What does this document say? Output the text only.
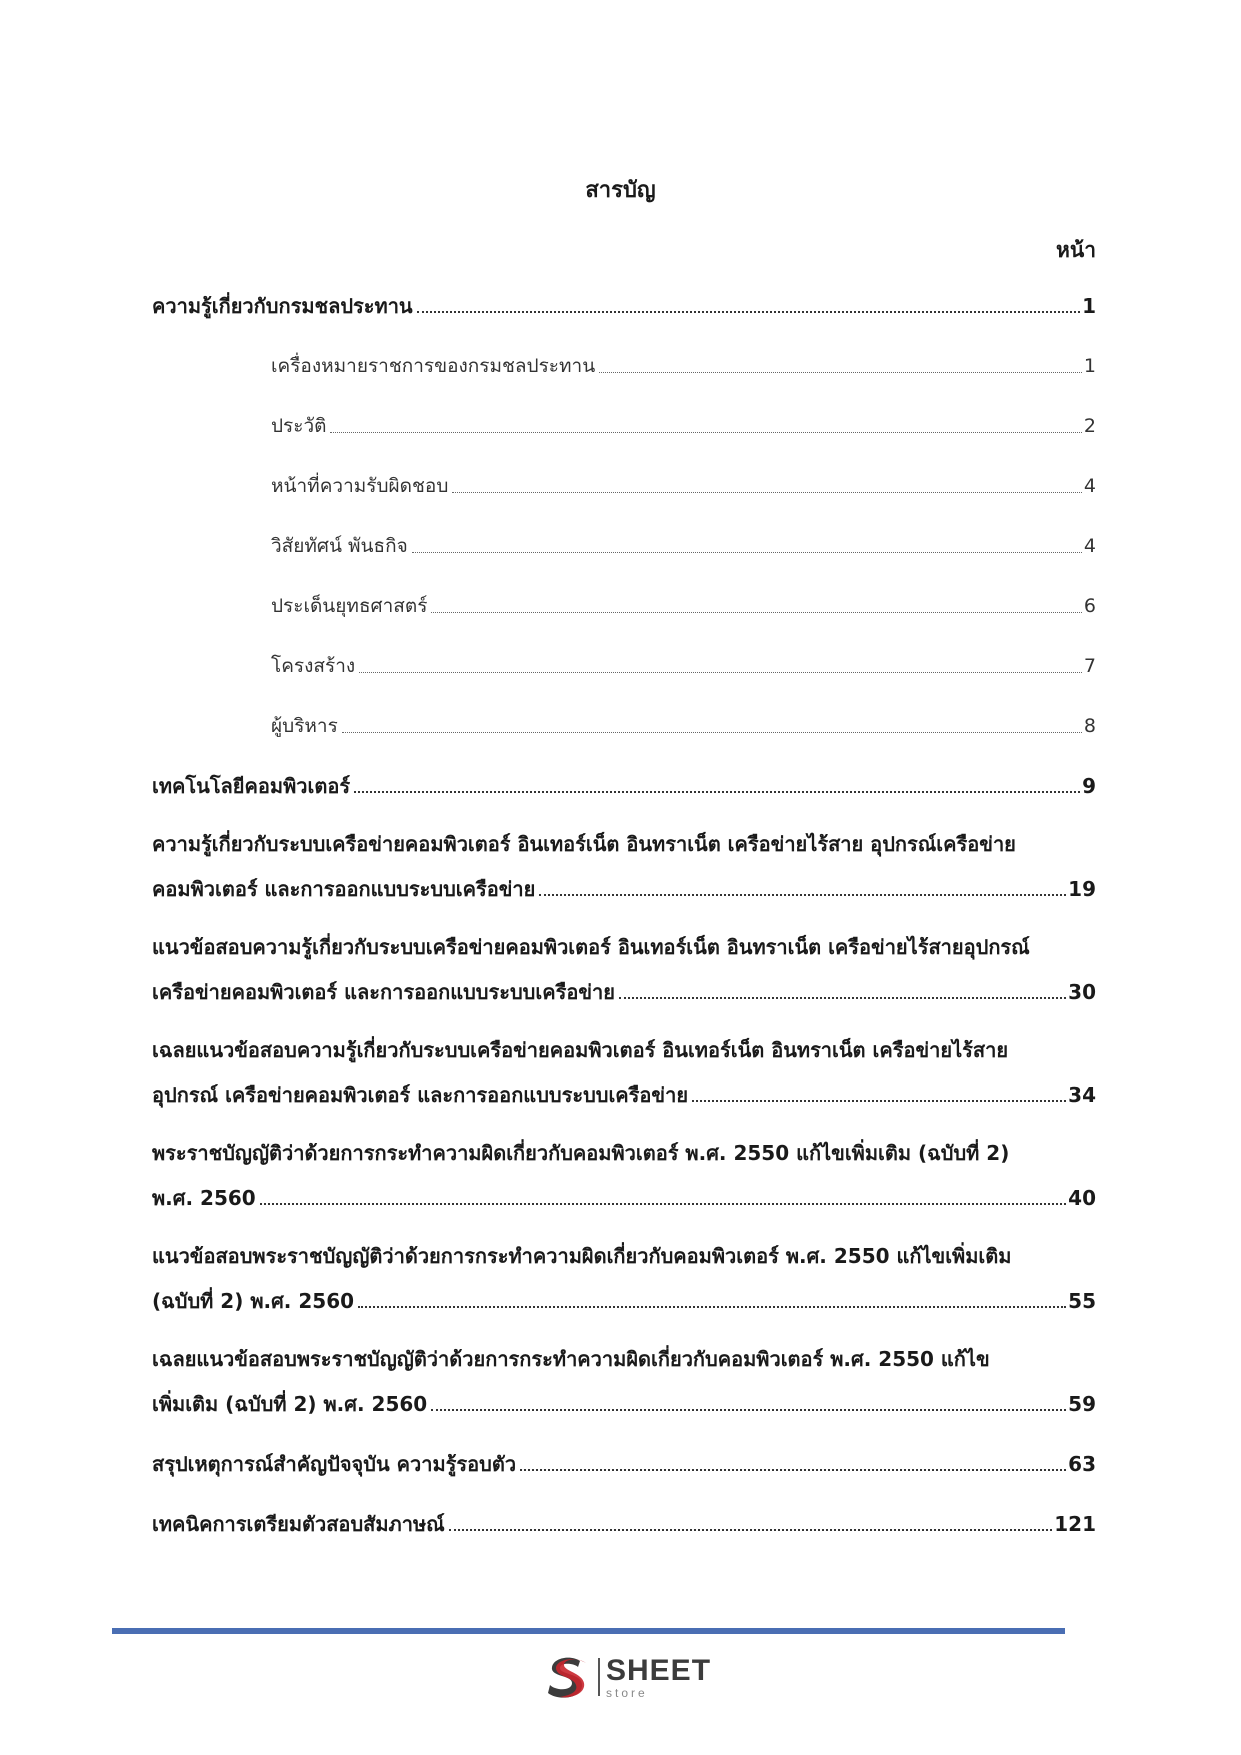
สารบัญ
หน้า
ความรู้เกี่ยวกับกรมชลประทาน	1
เครื่องหมายราชการของกรมชลประทาน	1
ประวัติ	2
หน้าที่ความรับผิดชอบ	4
วิสัยทัศน์ พันธกิจ	4
ประเด็นยุทธศาสตร์	6
โครงสร้าง	7
ผู้บริหาร	8
เทคโนโลยีคอมพิวเตอร์	9
ความรู้เกี่ยวกับระบบเครือข่ายคอมพิวเตอร์ อินเทอร์เน็ต อินทราเน็ต เครือข่ายไร้สาย อุปกรณ์เครือข่าย
คอมพิวเตอร์ และการออกแบบระบบเครือข่าย	19
แนวข้อสอบความรู้เกี่ยวกับระบบเครือข่ายคอมพิวเตอร์ อินเทอร์เน็ต อินทราเน็ต เครือข่ายไร้สายอุปกรณ์
เครือข่ายคอมพิวเตอร์ และการออกแบบระบบเครือข่าย	30
เฉลยแนวข้อสอบความรู้เกี่ยวกับระบบเครือข่ายคอมพิวเตอร์ อินเทอร์เน็ต อินทราเน็ต เครือข่ายไร้สาย
อุปกรณ์ เครือข่ายคอมพิวเตอร์ และการออกแบบระบบเครือข่าย	34
พระราชบัญญัติว่าด้วยการกระทำความผิดเกี่ยวกับคอมพิวเตอร์ พ.ศ. 2550 แก้ไขเพิ่มเติม (ฉบับที่ 2)
พ.ศ. 2560	40
แนวข้อสอบพระราชบัญญัติว่าด้วยการกระทำความผิดเกี่ยวกับคอมพิวเตอร์ พ.ศ. 2550 แก้ไขเพิ่มเติม
(ฉบับที่ 2) พ.ศ. 2560	55
เฉลยแนวข้อสอบพระราชบัญญัติว่าด้วยการกระทำความผิดเกี่ยวกับคอมพิวเตอร์ พ.ศ. 2550 แก้ไข
เพิ่มเติม (ฉบับที่ 2) พ.ศ. 2560	59
สรุปเหตุการณ์สำคัญปัจจุบัน ความรู้รอบตัว	63
เทคนิคการเตรียมตัวสอบสัมภาษณ์	121
SHEET
store
